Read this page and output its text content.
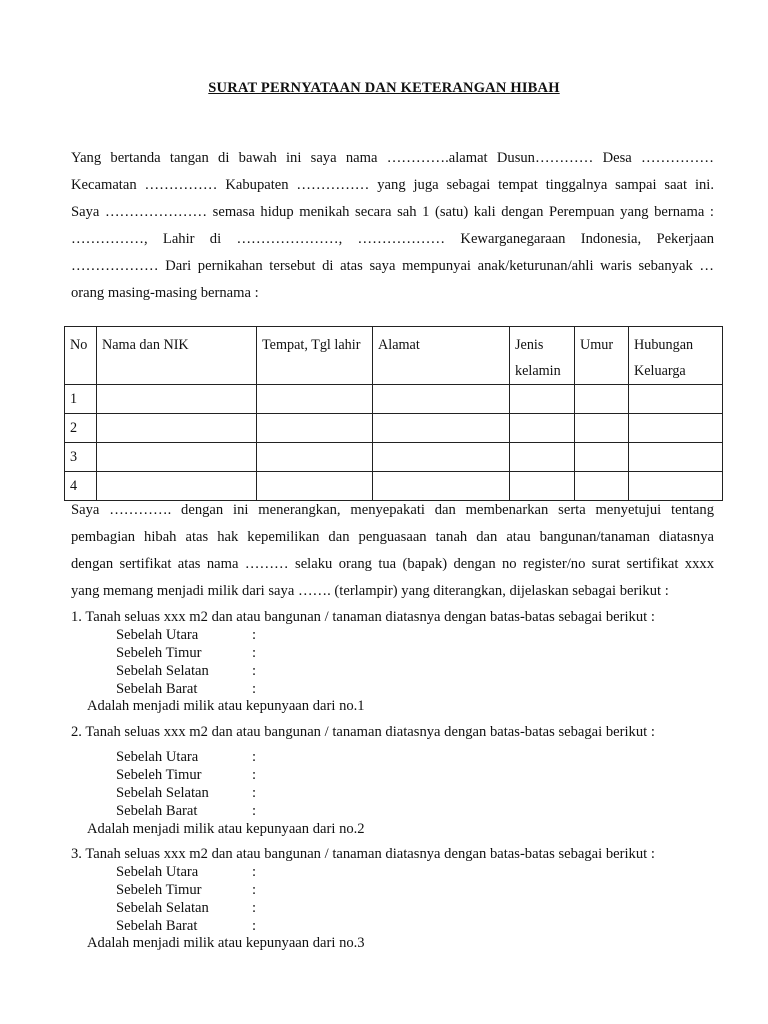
SURAT PERNYATAAN DAN KETERANGAN HIBAH
Yang bertanda tangan di bawah ini saya nama ………….alamat Dusun………… Desa ……………
Kecamatan …………… Kabupaten …………… yang juga sebagai tempat tinggalnya sampai saat ini.
Saya ………………… semasa hidup menikah secara sah 1 (satu) kali dengan Perempuan yang bernama :
……………, Lahir di …………………, ……………… Kewarganegaraan Indonesia, Pekerjaan
……………… Dari pernikahan tersebut di atas saya mempunyai anak/keturunan/ahli waris sebanyak …
orang masing-masing bernama :
No	Nama dan NIK	Tempat, Tgl lahir	Alamat	Jenis kelamin	Umur	Hubungan Keluarga
1						
2						
3						
4						
Saya …………. dengan ini menerangkan, menyepakati dan membenarkan serta menyetujui tentang
pembagian hibah atas hak kepemilikan dan penguasaan tanah dan atau bangunan/tanaman diatasnya
dengan sertifikat atas nama ……… selaku orang tua (bapak) dengan no register/no surat sertifikat xxxx
yang memang menjadi milik dari saya ……. (terlampir) yang diterangkan, dijelaskan sebagai berikut :
1. Tanah seluas xxx m2 dan atau bangunan / tanaman diatasnya dengan batas-batas sebagai berikut :
Sebelah Utara	:
Sebeleh Timur	:
Sebelah Selatan	:
Sebelah Barat	:
Adalah menjadi milik atau kepunyaan dari no.1
2. Tanah seluas xxx m2 dan atau bangunan / tanaman diatasnya dengan batas-batas sebagai berikut :
Sebelah Utara	:
Sebeleh Timur	:
Sebelah Selatan	:
Sebelah Barat	:
Adalah menjadi milik atau kepunyaan dari no.2
3. Tanah seluas xxx m2 dan atau bangunan / tanaman diatasnya dengan batas-batas sebagai berikut :
Sebelah Utara	:
Sebeleh Timur	:
Sebelah Selatan	:
Sebelah Barat	:
Adalah menjadi milik atau kepunyaan dari no.3
